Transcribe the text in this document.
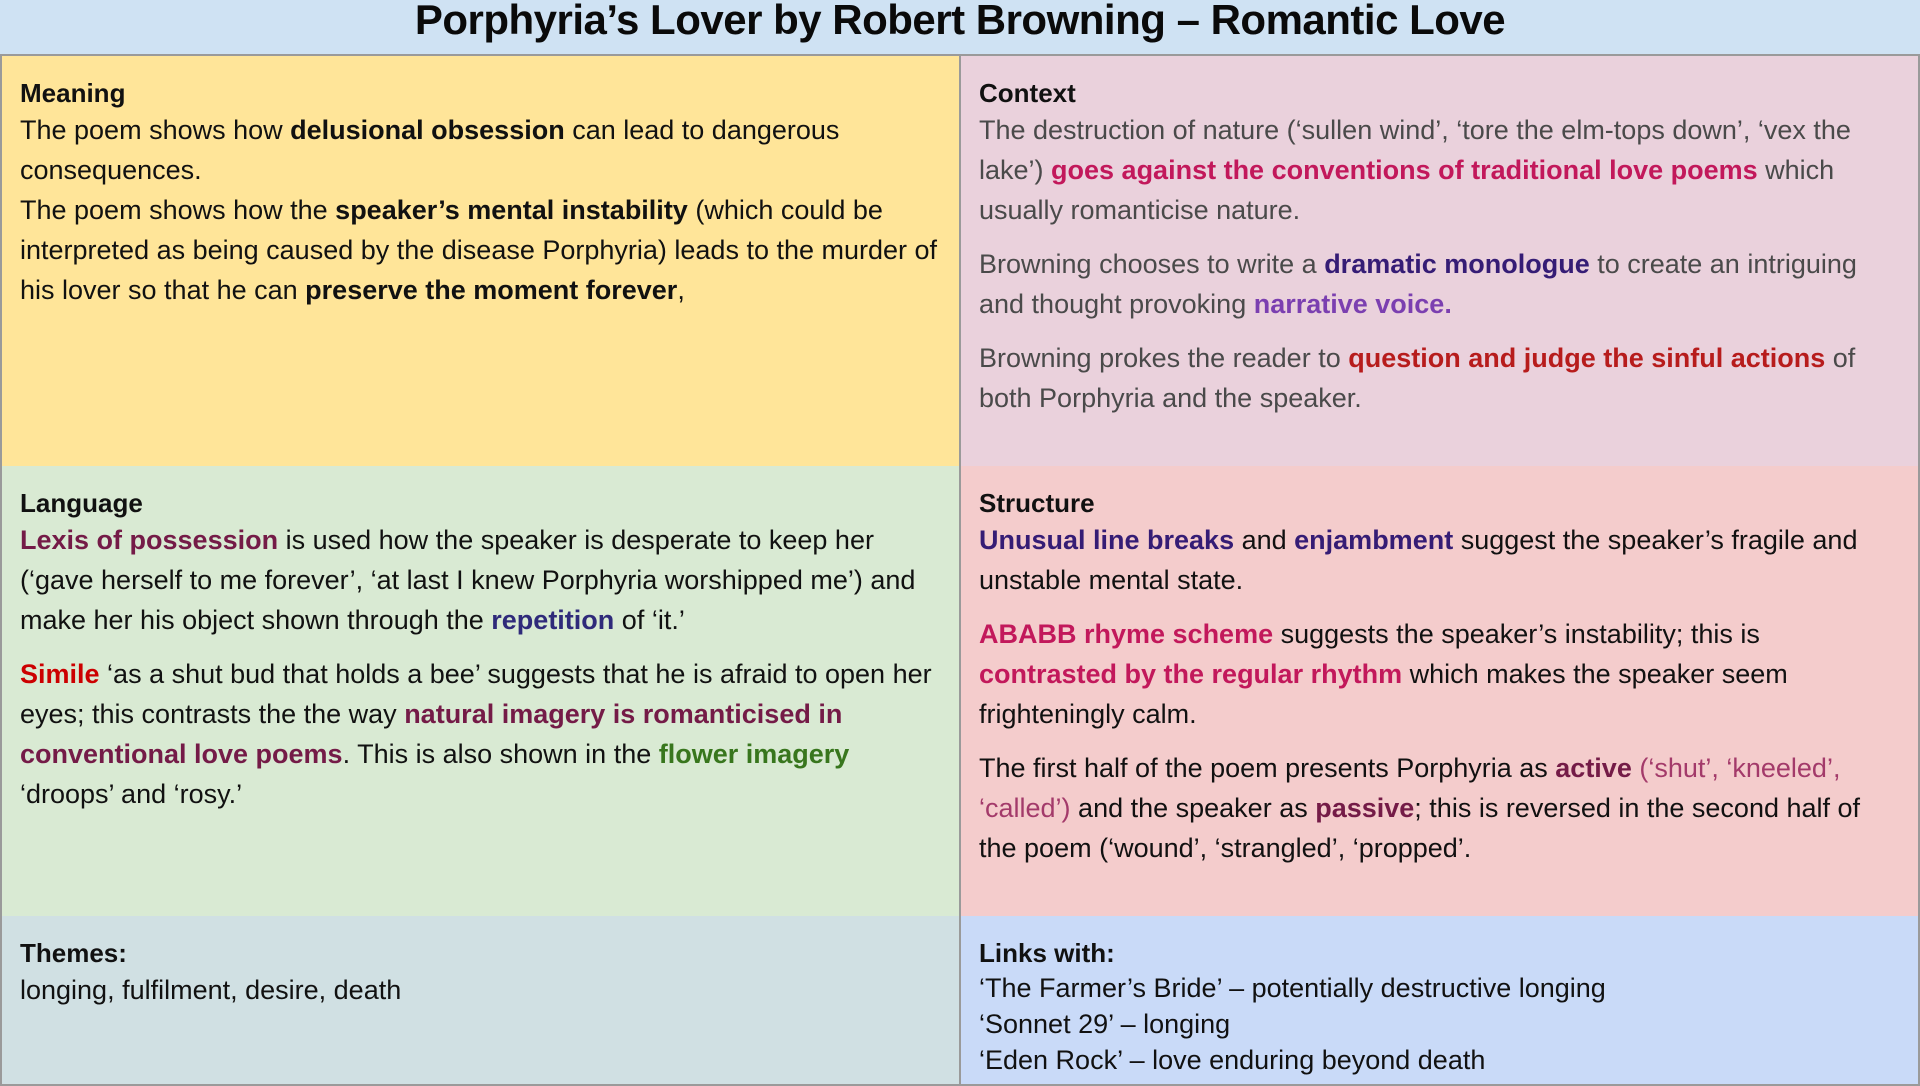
Porphyria’s Lover by Robert Browning – Romantic Love
Meaning

The poem shows how delusional obsession can lead to dangerous consequences.

The poem shows how the speaker’s mental instability (which could be interpreted as being caused by the disease Porphyria) leads to the murder of his lover so that he can preserve the moment forever,

Context

The destruction of nature (‘sullen wind’, ‘tore the elm-tops down’, ‘vex the lake’) goes against the conventions of traditional love poems which usually romanticise nature.

Browning chooses to write a dramatic monologue to create an intriguing and thought provoking narrative voice.

Browning prokes the reader to question and judge the sinful actions of both Porphyria and the speaker.

Language

Lexis of possession is used how the speaker is desperate to keep her (‘gave herself to me forever’, ‘at last I knew Porphyria worshipped me’) and make her his object shown through the repetition of ‘it.’

Simile ‘as a shut bud that holds a bee’ suggests that he is afraid to open her eyes; this contrasts the the way natural imagery is romanticised in conventional love poems. This is also shown in the flower imagery ‘droops’ and ‘rosy.’

Structure

Unusual line breaks and enjambment suggest the speaker’s fragile and unstable mental state.

ABABB rhyme scheme suggests the speaker’s instability; this is contrasted by the regular rhythm which makes the speaker seem frighteningly calm.

The first half of the poem presents Porphyria as active (‘shut’, ‘kneeled’, ‘called’) and the speaker as passive; this is reversed in the second half of the poem (‘wound’, ‘strangled’, ‘propped’.

Themes:

longing, fulfilment, desire, death

Links with:
‘The Farmer’s Bride’ – potentially destructive longing
‘Sonnet 29’ – longing
‘Eden Rock’ – love enduring beyond death
